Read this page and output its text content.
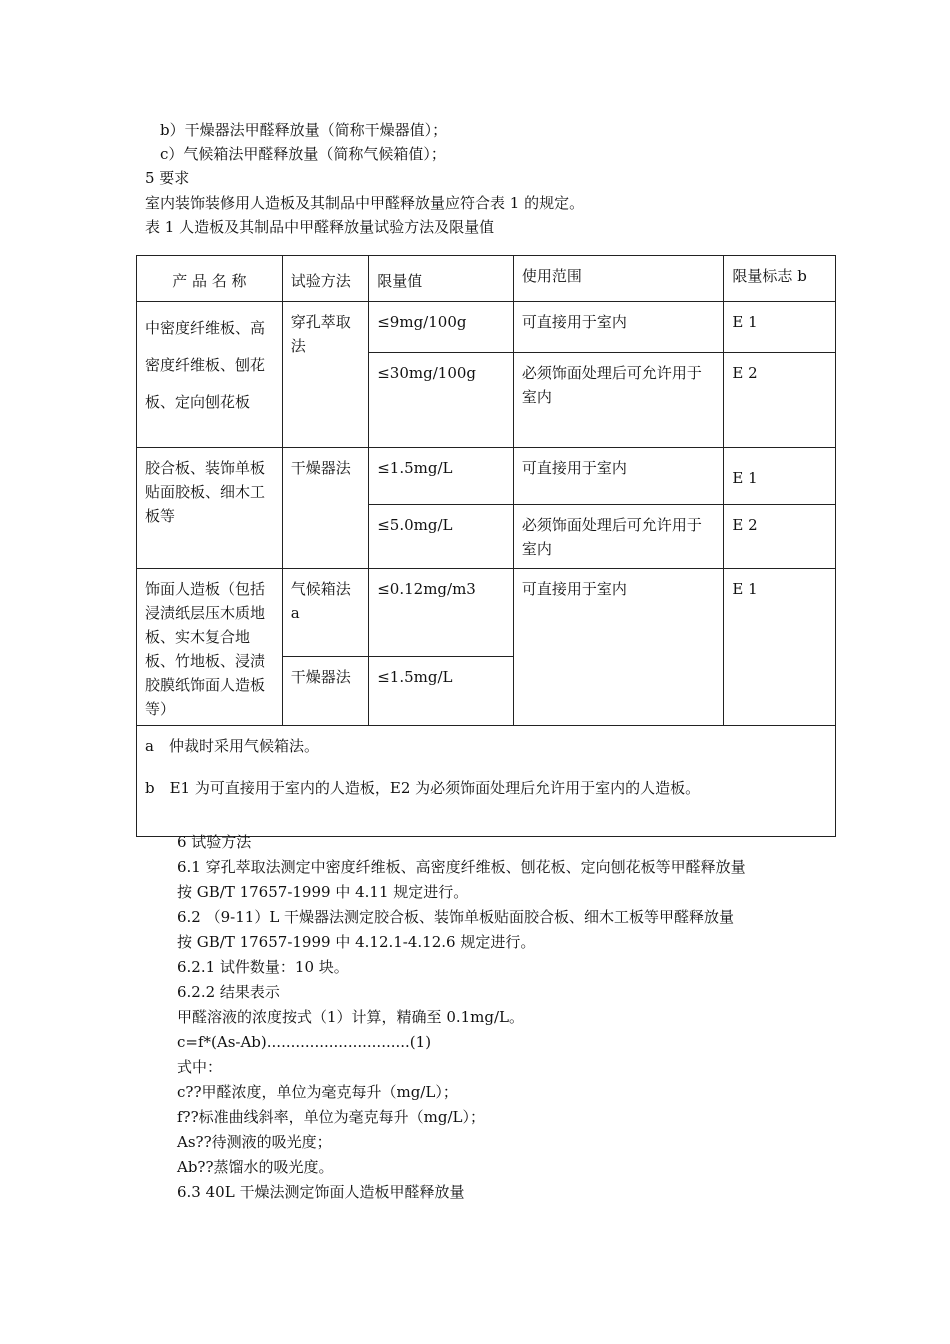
b）干燥器法甲醛释放量（简称干燥器值）；
c）气候箱法甲醛释放量（简称气候箱值）；
5 要求
室内装饰装修用人造板及其制品中甲醛释放量应符合表 1 的规定。
表 1 人造板及其制品中甲醛释放量试验方法及限量值
产 品 名 称	试验方法	限量值	使用范围	限量标志 b
中密度纤维板、高密度纤维板、刨花板、定向刨花板	穿孔萃取法	≤9mg/100g	可直接用于室内	E 1
		≤30mg/100g	必须饰面处理后可允许用于室内	E 2
胶合板、装饰单板贴面胶板、细木工板等	干燥器法	≤1.5mg/L	可直接用于室内	E 1
		≤5.0mg/L	必须饰面处理后可允许用于室内	E 2
饰面人造板（包括浸渍纸层压木质地板、实木复合地板、竹地板、浸渍胶膜纸饰面人造板等）	气候箱法 a	≤0.12mg/m3	可直接用于室内	E 1
	干燥器法	≤1.5mg/L		

a　仲裁时采用气候箱法。
b　E1 为可直接用于室内的人造板，E2 为必须饰面处理后允许用于室内的人造板。				
6 试验方法
6.1 穿孔萃取法测定中密度纤维板、高密度纤维板、刨花板、定向刨花板等甲醛释放量
按 GB/T 17657-1999 中 4.11 规定进行。
6.2 （9-11）L 干燥器法测定胶合板、装饰单板贴面胶合板、细木工板等甲醛释放量
按 GB/T 17657-1999 中 4.12.1-4.12.6 规定进行。
6.2.1 试件数量：10 块。
6.2.2 结果表示
甲醛溶液的浓度按式（1）计算，精确至 0.1mg/L。
c=f*(As-Ab)..............................(1)
式中：
c??甲醛浓度，单位为毫克每升（mg/L）；
f??标准曲线斜率，单位为毫克每升（mg/L）；
As??待测液的吸光度；
Ab??蒸馏水的吸光度。
6.3 40L 干燥法测定饰面人造板甲醛释放量
